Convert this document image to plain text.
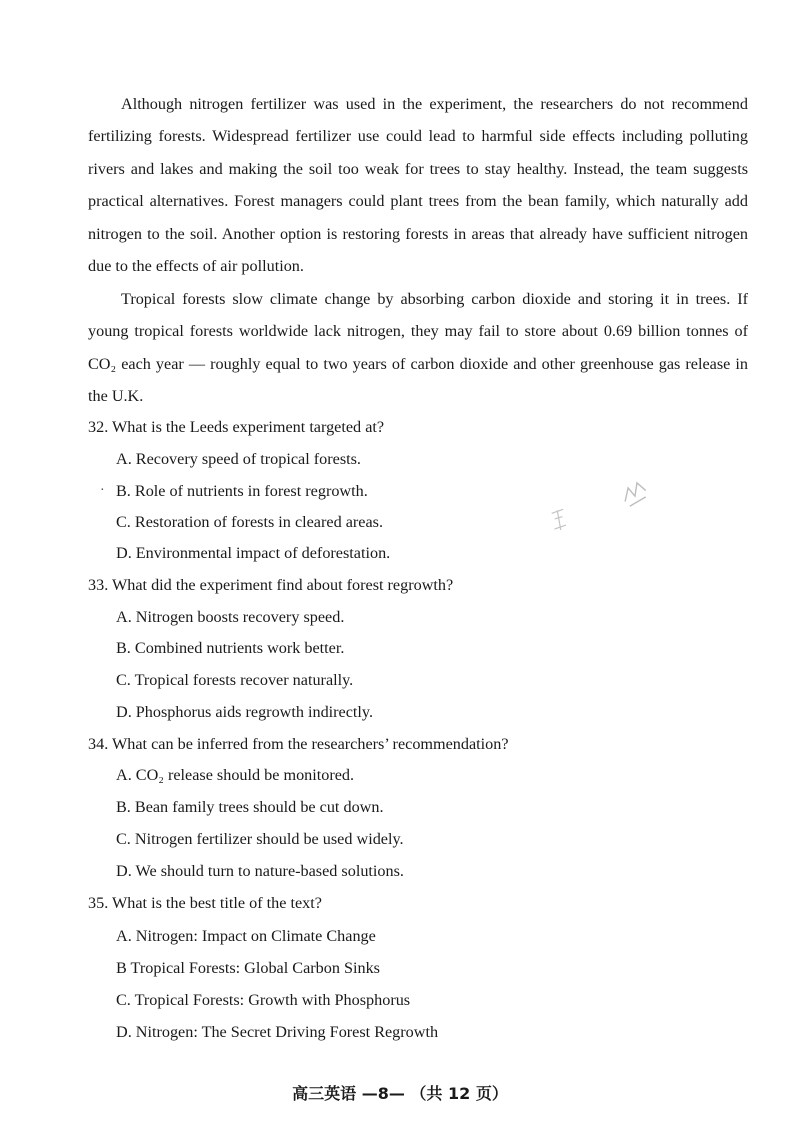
Although nitrogen fertilizer was used in the experiment, the researchers do not recommend fertilizing forests. Widespread fertilizer use could lead to harmful side effects including polluting rivers and lakes and making the soil too weak for trees to stay healthy. Instead, the team suggests practical alternatives. Forest managers could plant trees from the bean family, which naturally add nitrogen to the soil. Another option is restoring forests in areas that already have sufficient nitrogen due to the effects of air pollution.

Tropical forests slow climate change by absorbing carbon dioxide and storing it in trees. If young tropical forests worldwide lack nitrogen, they may fail to store about 0.69 billion tonnes of CO₂ each year — roughly equal to two years of carbon dioxide and other greenhouse gas release in the U.K.

32. What is the Leeds experiment targeted at?

A. Recovery speed of tropical forests.

· B. Role of nutrients in forest regrowth.

C. Restoration of forests in cleared areas.

D. Environmental impact of deforestation.

33. What did the experiment find about forest regrowth?

A. Nitrogen boosts recovery speed.

B. Combined nutrients work better.

C. Tropical forests recover naturally.

D. Phosphorus aids regrowth indirectly.

34. What can be inferred from the researchers’ recommendation?

A. CO₂ release should be monitored.

B. Bean family trees should be cut down.

C. Nitrogen fertilizer should be used widely.

D. We should turn to nature-based solutions.

35. What is the best title of the text?

A. Nitrogen: Impact on Climate Change

B Tropical Forests: Global Carbon Sinks

C. Tropical Forests: Growth with Phosphorus

D. Nitrogen: The Secret Driving Forest Regrowth

高三英语 —8— （共 12 页）
